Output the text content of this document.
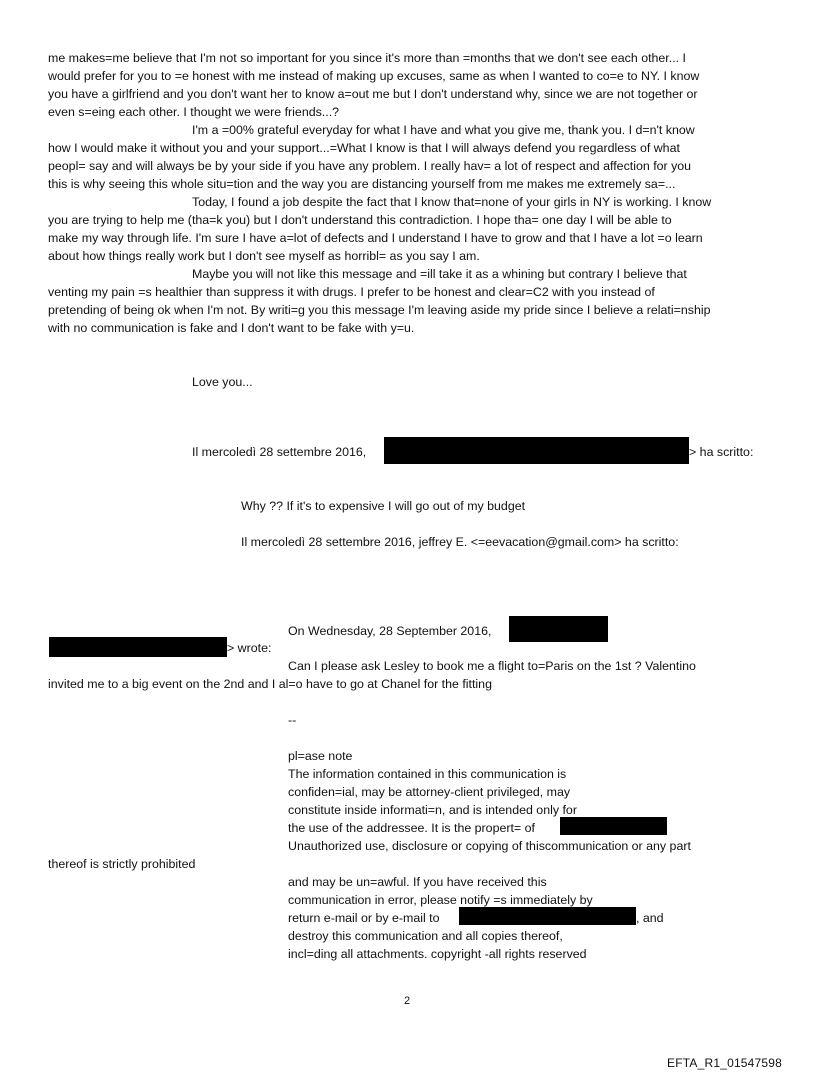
me makes=me believe that I'm not so important for you since it's more than =months that we don't see each other... I
would prefer for you to =e honest with me instead of making up excuses, same as when I wanted to co=e to NY. I know
you have a girlfriend and you don't want her to know a=out me but I don't understand why, since we are not together or
even s=eing each other. I thought we were friends...?
I'm a =00% grateful everyday for what I have and what you give me, thank you. I d=n't know
how I would make it without you and your support...=What I know is that I will always defend you regardless of what
peopl= say and will always be by your side if you have any problem. I really hav= a lot of respect and affection for you
this is why seeing this whole situ=tion and the way you are distancing yourself from me makes me extremely sa=...
Today, I found a job despite the fact that I know that=none of your girls in NY is working. I know
you are trying to help me (tha=k you) but I don't understand this contradiction. I hope tha= one day I will be able to
make my way through life. I'm sure I have a=lot of defects and I understand I have to grow and that I have a lot =o learn
about how things really work but I don't see myself as horribl= as you say I am.
Maybe you will not like this message and =ill take it as a whining but contrary I believe that
venting my pain =s healthier than suppress it with drugs. I prefer to be honest and clear=C2 with you instead of
pretending of being ok when I'm not. By writi=g you this message I'm leaving aside my pride since I believe a relati=nship
with no communication is fake and I don't want to be fake with y=u.
Love you...
Il mercoledì 28 settembre 2016,	> ha scritto:
Why ?? If it's to expensive I will go out of my budget
Il mercoledì 28 settembre 2016, jeffrey E. <=eevacation@gmail.com> ha scritto:
On Wednesday, 28 September 2016,
> wrote:
Can I please ask Lesley to book me a flight to=Paris on the 1st ? Valentino
invited me to a big event on the 2nd and I al=o have to go at Chanel for the fitting
--
pl=ase note
The information contained in this communication is
confiden=ial, may be attorney-client privileged, may
constitute inside informati=n, and is intended only for
the use of the addressee. It is the propert= of
Unauthorized use, disclosure or copying of thiscommunication or any part
thereof is strictly prohibited
and may be un=awful. If you have received this
communication in error, please notify =s immediately by
return e-mail or by e-mail to	, and
destroy this communication and all copies thereof,
incl=ding all attachments. copyright -all rights reserved
2
EFTA_R1_01547598
